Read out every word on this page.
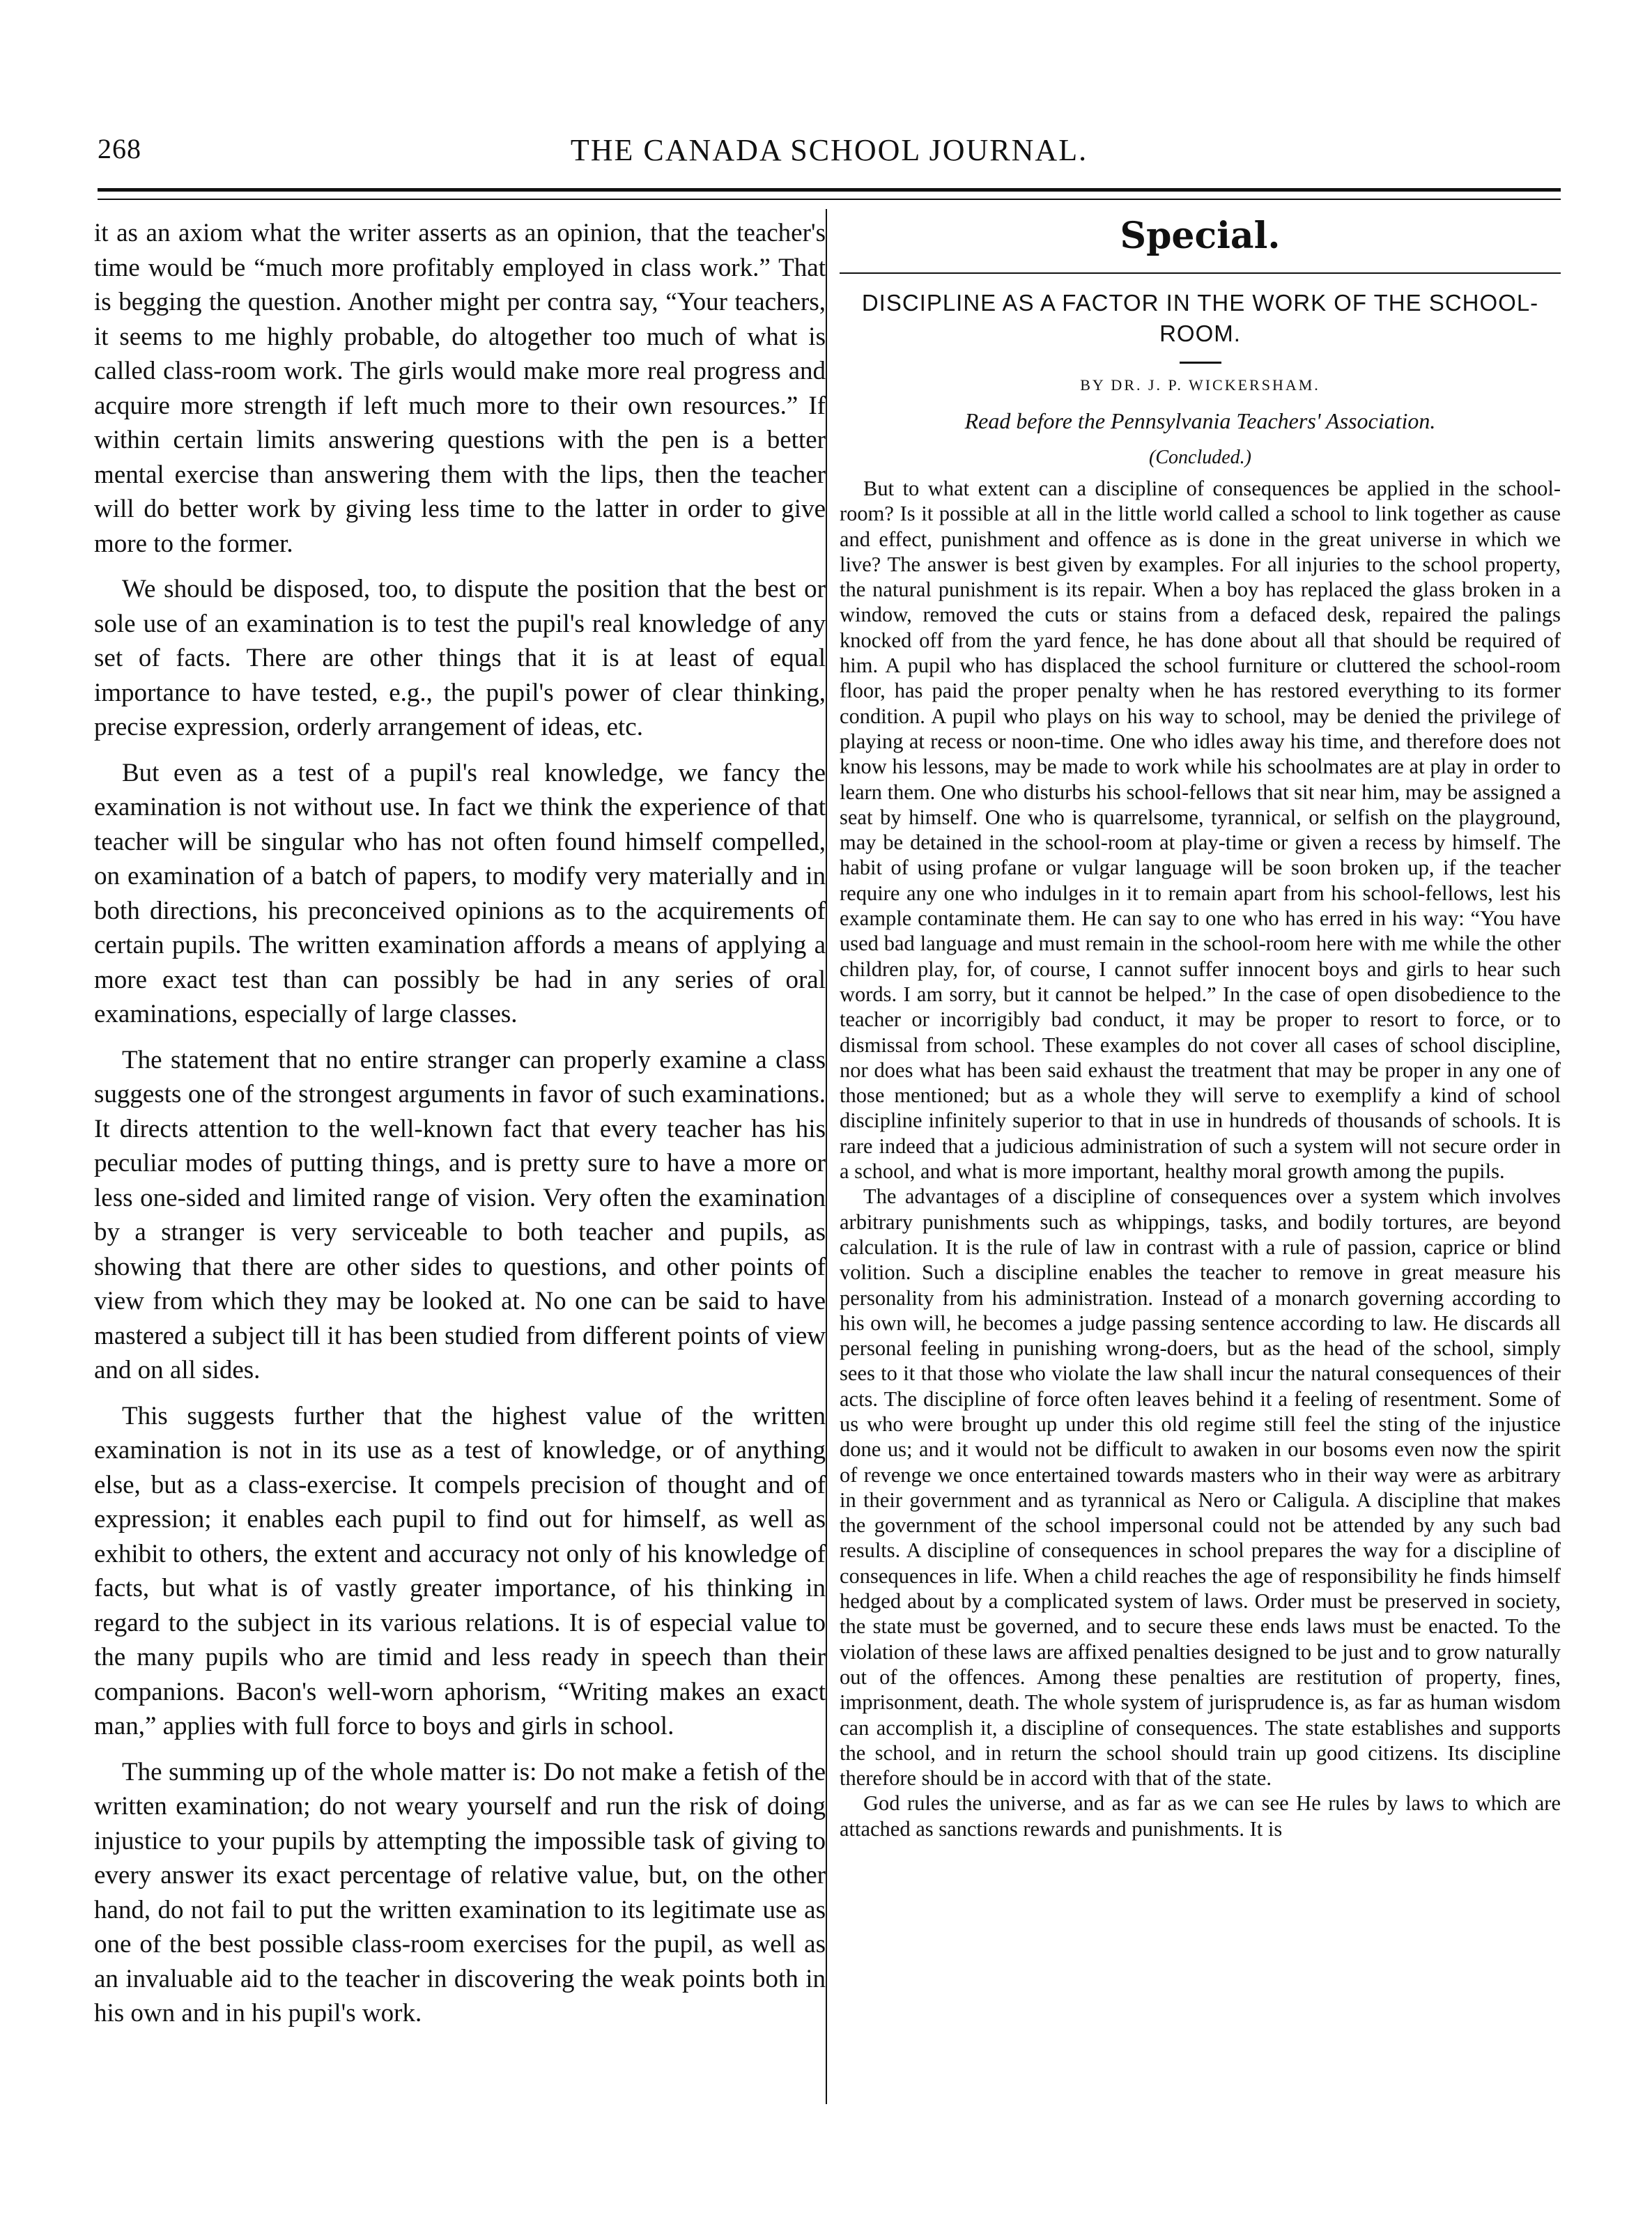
268	THE CANADA SCHOOL JOURNAL.

it as an axiom what the writer asserts as an opinion, that the teacher's time would be “much more profitably employed in class work.” That is begging the question. Another might per contra say, “Your teachers, it seems to me highly probable, do altogether too much of what is called class-room work. The girls would make more real progress and acquire more strength if left much more to their own resources.” If within certain limits answering questions with the pen is a better mental exercise than answering them with the lips, then the teacher will do better work by giving less time to the latter in order to give more to the former.

We should be disposed, too, to dispute the position that the best or sole use of an examination is to test the pupil's real knowledge of any set of facts. There are other things that it is at least of equal importance to have tested, e.g., the pupil's power of clear thinking, precise expression, orderly arrangement of ideas, etc.

But even as a test of a pupil's real knowledge, we fancy the examination is not without use. In fact we think the experience of that teacher will be singular who has not often found himself compelled, on examination of a batch of papers, to modify very materially and in both directions, his preconceived opinions as to the acquirements of certain pupils. The written examination affords a means of applying a more exact test than can possibly be had in any series of oral examinations, especially of large classes.

The statement that no entire stranger can properly examine a class suggests one of the strongest arguments in favor of such examinations. It directs attention to the well-known fact that every teacher has his peculiar modes of putting things, and is pretty sure to have a more or less one-sided and limited range of vision. Very often the examination by a stranger is very serviceable to both teacher and pupils, as showing that there are other sides to questions, and other points of view from which they may be looked at. No one can be said to have mastered a subject till it has been studied from different points of view and on all sides.

This suggests further that the highest value of the written examination is not in its use as a test of knowledge, or of anything else, but as a class-exercise. It compels precision of thought and of expression; it enables each pupil to find out for himself, as well as exhibit to others, the extent and accuracy not only of his knowledge of facts, but what is of vastly greater importance, of his thinking in regard to the subject in its various relations. It is of especial value to the many pupils who are timid and less ready in speech than their companions. Bacon's well-worn aphorism, “Writing makes an exact man,” applies with full force to boys and girls in school.

The summing up of the whole matter is: Do not make a fetish of the written examination; do not weary yourself and run the risk of doing injustice to your pupils by attempting the impossible task of giving to every answer its exact percentage of relative value, but, on the other hand, do not fail to put the written examination to its legitimate use as one of the best possible class-room exercises for the pupil, as well as an invaluable aid to the teacher in discovering the weak points both in his own and in his pupil's work.

Special.
DISCIPLINE AS A FACTOR IN THE WORK OF THE SCHOOL-ROOM.
BY DR. J. P. WICKERSHAM.
Read before the Pennsylvania Teachers' Association.
(Concluded.)

But to what extent can a discipline of consequences be applied in the school-room? Is it possible at all in the little world called a school to link together as cause and effect, punishment and offence as is done in the great universe in which we live? The answer is best given by examples. For all injuries to the school property, the natural punishment is its repair. When a boy has replaced the glass broken in a window, removed the cuts or stains from a defaced desk, repaired the palings knocked off from the yard fence, he has done about all that should be required of him. A pupil who has displaced the school furniture or cluttered the school-room floor, has paid the proper penalty when he has restored everything to its former condition. A pupil who plays on his way to school, may be denied the privilege of playing at recess or noon-time. One who idles away his time, and therefore does not know his lessons, may be made to work while his schoolmates are at play in order to learn them. One who disturbs his school-fellows that sit near him, may be assigned a seat by himself. One who is quarrelsome, tyrannical, or selfish on the playground, may be detained in the school-room at play-time or given a recess by himself. The habit of using profane or vulgar language will be soon broken up, if the teacher require any one who indulges in it to remain apart from his school-fellows, lest his example contaminate them. He can say to one who has erred in his way: “You have used bad language and must remain in the school-room here with me while the other children play, for, of course, I cannot suffer innocent boys and girls to hear such words. I am sorry, but it cannot be helped.” In the case of open disobedience to the teacher or incorrigibly bad conduct, it may be proper to resort to force, or to dismissal from school. These examples do not cover all cases of school discipline, nor does what has been said exhaust the treatment that may be proper in any one of those mentioned; but as a whole they will serve to exemplify a kind of school discipline infinitely superior to that in use in hundreds of thousands of schools. It is rare indeed that a judicious administration of such a system will not secure order in a school, and what is more important, healthy moral growth among the pupils.

The advantages of a discipline of consequences over a system which involves arbitrary punishments such as whippings, tasks, and bodily tortures, are beyond calculation. It is the rule of law in contrast with a rule of passion, caprice or blind volition. Such a discipline enables the teacher to remove in great measure his personality from his administration. Instead of a monarch governing according to his own will, he becomes a judge passing sentence according to law. He discards all personal feeling in punishing wrong-doers, but as the head of the school, simply sees to it that those who violate the law shall incur the natural consequences of their acts. The discipline of force often leaves behind it a feeling of resentment. Some of us who were brought up under this old regime still feel the sting of the injustice done us; and it would not be difficult to awaken in our bosoms even now the spirit of revenge we once entertained towards masters who in their way were as arbitrary in their government and as tyrannical as Nero or Caligula. A discipline that makes the government of the school impersonal could not be attended by any such bad results. A discipline of consequences in school prepares the way for a discipline of consequences in life. When a child reaches the age of responsibility he finds himself hedged about by a complicated system of laws. Order must be preserved in society, the state must be governed, and to secure these ends laws must be enacted. To the violation of these laws are affixed penalties designed to be just and to grow naturally out of the offences. Among these penalties are restitution of property, fines, imprisonment, death. The whole system of jurisprudence is, as far as human wisdom can accomplish it, a discipline of consequences. The state establishes and supports the school, and in return the school should train up good citizens. Its discipline therefore should be in accord with that of the state.

God rules the universe, and as far as we can see He rules by laws to which are attached as sanctions rewards and punishments. It is
